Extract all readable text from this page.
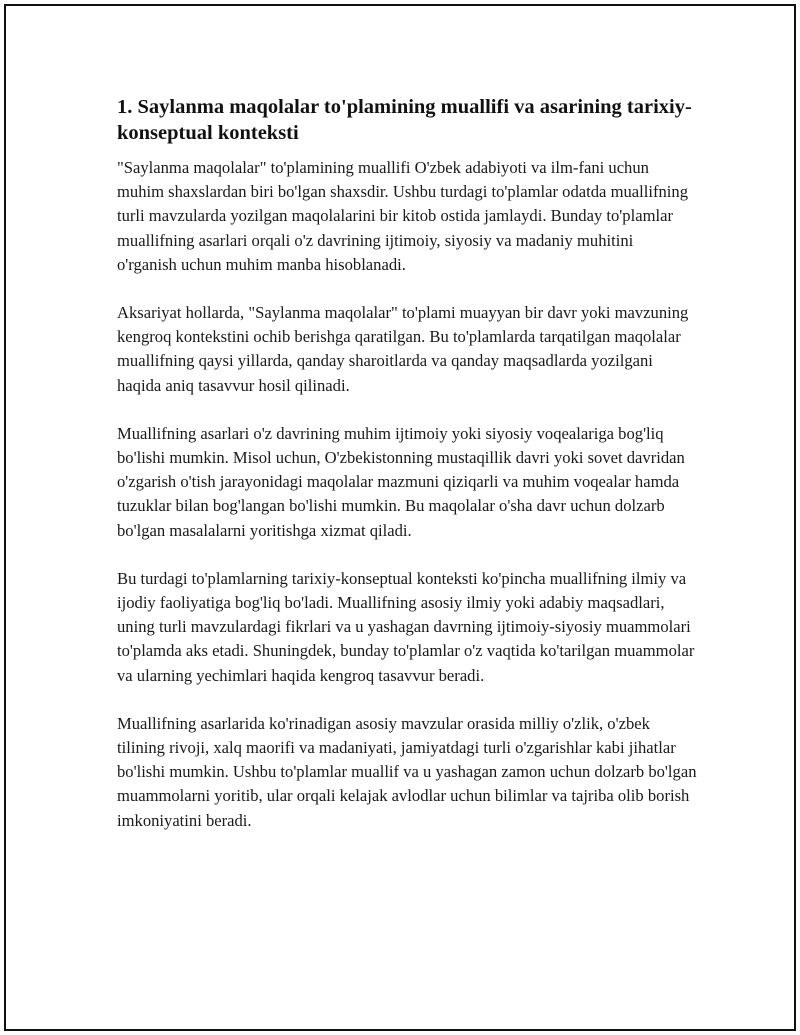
1. Saylanma maqolalar to'plamining muallifi va asarining tarixiy-konseptual konteksti

"Saylanma maqolalar" to'plamining muallifi O'zbek adabiyoti va ilm-fani uchun muhim shaxslardan biri bo'lgan shaxsdir. Ushbu turdagi to'plamlar odatda muallifning turli mavzularda yozilgan maqolalarini bir kitob ostida jamlaydi. Bunday to'plamlar muallifning asarlari orqali o'z davrining ijtimoiy, siyosiy va madaniy muhitini o'rganish uchun muhim manba hisoblanadi.

Aksariyat hollarda, "Saylanma maqolalar" to'plami muayyan bir davr yoki mavzuning kengroq kontekstini ochib berishga qaratilgan. Bu to'plamlarda tarqatilgan maqolalar muallifning qaysi yillarda, qanday sharoitlarda va qanday maqsadlarda yozilgani haqida aniq tasavvur hosil qilinadi.

Muallifning asarlari o'z davrining muhim ijtimoiy yoki siyosiy voqealariga bog'liq bo'lishi mumkin. Misol uchun, O'zbekistonning mustaqillik davri yoki sovet davridan o'zgarish o'tish jarayonidagi maqolalar mazmuni qiziqarli va muhim voqealar hamda tuzuklar bilan bog'langan bo'lishi mumkin. Bu maqolalar o'sha davr uchun dolzarb bo'lgan masalalarni yoritishga xizmat qiladi.

Bu turdagi to'plamlarning tarixiy-konseptual konteksti ko'pincha muallifning ilmiy va ijodiy faoliyatiga bog'liq bo'ladi. Muallifning asosiy ilmiy yoki adabiy maqsadlari, uning turli mavzulardagi fikrlari va u yashagan davrning ijtimoiy-siyosiy muammolari to'plamda aks etadi. Shuningdek, bunday to'plamlar o'z vaqtida ko'tarilgan muammolar va ularning yechimlari haqida kengroq tasavvur beradi.

Muallifning asarlarida ko'rinadigan asosiy mavzular orasida milliy o'zlik, o'zbek tilining rivoji, xalq maorifi va madaniyati, jamiyatdagi turli o'zgarishlar kabi jihatlar bo'lishi mumkin. Ushbu to'plamlar muallif va u yashagan zamon uchun dolzarb bo'lgan muammolarni yoritib, ular orqali kelajak avlodlar uchun bilimlar va tajriba olib borish imkoniyatini beradi.
